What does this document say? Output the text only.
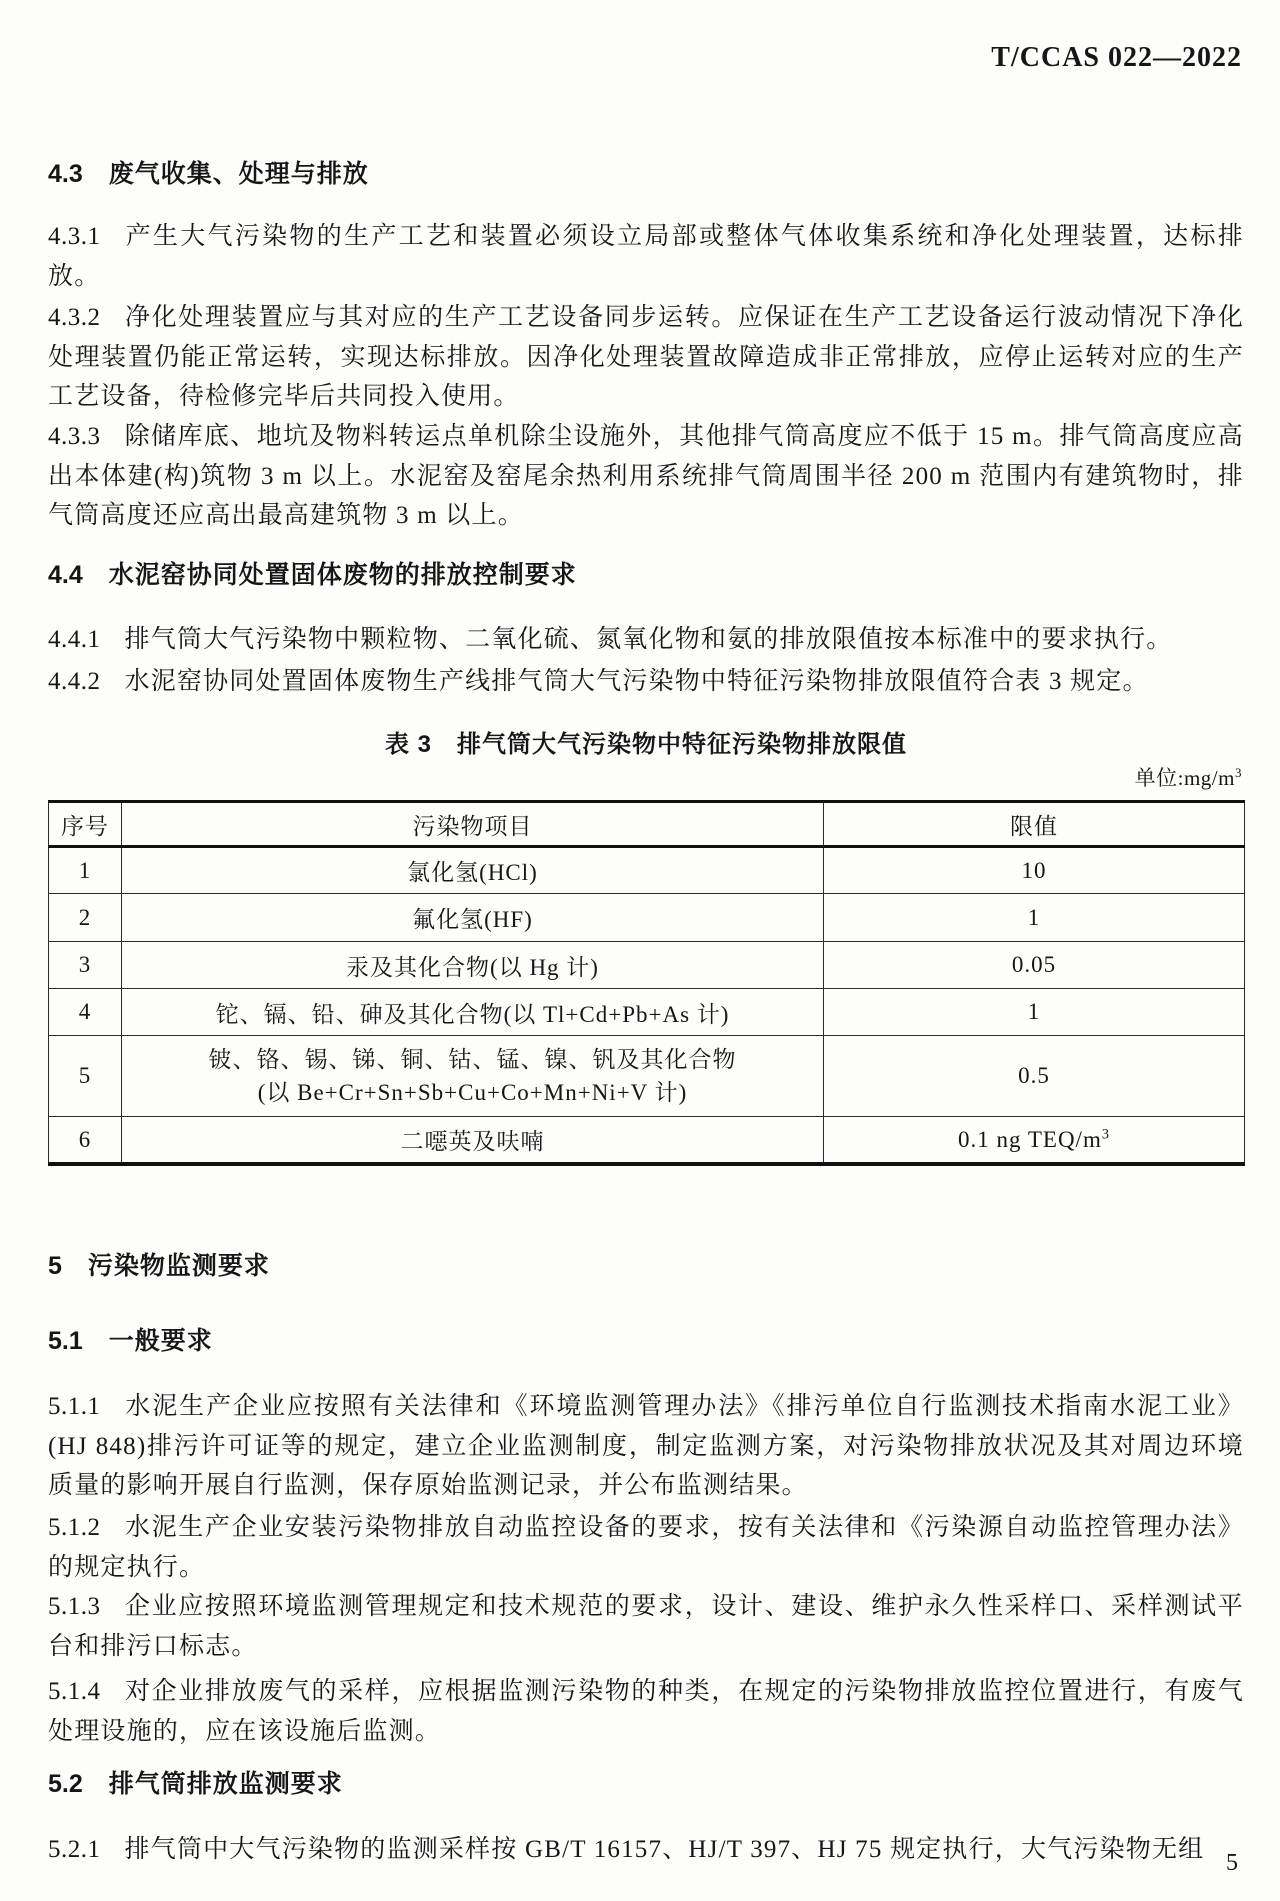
T/CCAS 022—2022
4.3 废气收集、处理与排放

4.3.1 产生大气污染物的生产工艺和装置必须设立局部或整体气体收集系统和净化处理装置，达标排放。

4.3.2 净化处理装置应与其对应的生产工艺设备同步运转。应保证在生产工艺设备运行波动情况下净化处理装置仍能正常运转，实现达标排放。因净化处理装置故障造成非正常排放，应停止运转对应的生产工艺设备，待检修完毕后共同投入使用。

4.3.3 除储库底、地坑及物料转运点单机除尘设施外，其他排气筒高度应不低于 15 m。排气筒高度应高出本体建(构)筑物 3 m 以上。水泥窑及窑尾余热利用系统排气筒周围半径 200 m 范围内有建筑物时，排气筒高度还应高出最高建筑物 3 m 以上。

4.4 水泥窑协同处置固体废物的排放控制要求

4.4.1 排气筒大气污染物中颗粒物、二氧化硫、氮氧化物和氨的排放限值按本标准中的要求执行。

4.4.2 水泥窑协同处置固体废物生产线排气筒大气污染物中特征污染物排放限值符合表 3 规定。

表 3　排气筒大气污染物中特征污染物排放限值
单位$:mg/m^3$
序号	污染物项目	限值
1	氯化氢(HCl)	10
2	氟化氢(HF)	1
3	汞及其化合物(以 Hg 计)	0.05
4	铊、镉、铅、砷及其化合物(以 Tl+Cd+Pb+As 计)	1
5	铍、铬、锡、锑、铜、钴、锰、镍、钒及其化合物
(以 Be+Cr+Sn+Sb+Cu+Co+Mn+Ni+V 计)	0.5
6	二噁英及呋喃	0.1 ng TEQ/$m^3$
5 污染物监测要求
5.1 一般要求

5.1.1 水泥生产企业应按照有关法律和《环境监测管理办法》《排污单位自行监测技术指南水泥工业》(HJ 848)排污许可证等的规定，建立企业监测制度，制定监测方案，对污染物排放状况及其对周边环境质量的影响开展自行监测，保存原始监测记录，并公布监测结果。

5.1.2 水泥生产企业安装污染物排放自动监控设备的要求，按有关法律和《污染源自动监控管理办法》的规定执行。

5.1.3 企业应按照环境监测管理规定和技术规范的要求，设计、建设、维护永久性采样口、采样测试平台和排污口标志。

5.1.4 对企业排放废气的采样，应根据监测污染物的种类，在规定的污染物排放监控位置进行，有废气处理设施的，应在该设施后监测。

5.2 排气筒排放监测要求

5.2.1 排气筒中大气污染物的监测采样按 GB/T 16157、HJ/T 397、HJ 75 规定执行，大气污染物无组 5
